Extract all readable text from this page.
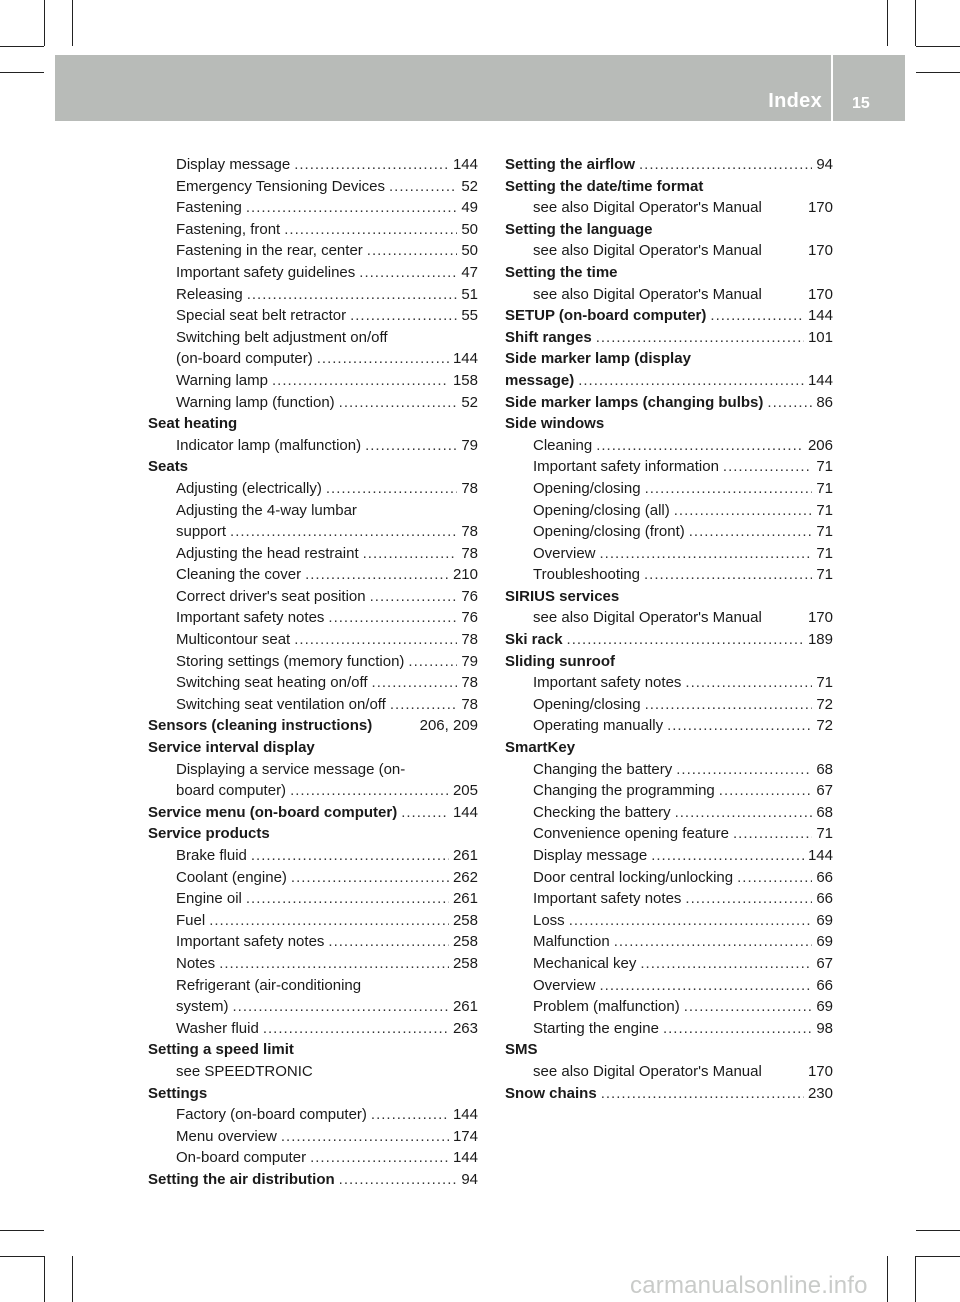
Index 15
Display message .....	144
Emergency Tensioning Devices .....	52
Fastening .....	49
Fastening, front .....	50
Fastening in the rear, center .....	50
Important safety guidelines .....	47
Releasing .....	51
Special seat belt retractor .....	55
Switching belt adjustment on/off
(on-board computer) .....	144
Warning lamp .....	158
Warning lamp (function) .....	52
Seat heating
Indicator lamp (malfunction) .....	79
Seats
Adjusting (electrically) .....	78
Adjusting the 4-way lumbar
support .....	78
Adjusting the head restraint .....	78
Cleaning the cover .....	210
Correct driver's seat position .....	76
Important safety notes .....	76
Multicontour seat .....	78
Storing settings (memory function) .....	79
Switching seat heating on/off .....	78
Switching seat ventilation on/off .....	78
Sensors (cleaning instructions)	206, 209
Service interval display
Displaying a service message (on-
board computer) .....	205
Service menu (on-board computer) .....	144
Service products
Brake fluid .....	261
Coolant (engine) .....	262
Engine oil .....	261
Fuel .....	258
Important safety notes .....	258
Notes .....	258
Refrigerant (air-conditioning
system) .....	261
Washer fluid .....	263
Setting a speed limit
see SPEEDTRONIC
Settings
Factory (on-board computer) .....	144
Menu overview .....	174
On-board computer .....	144
Setting the air distribution .....	94
Setting the airflow .....	94
Setting the date/time format
see also Digital Operator's Manual	170
Setting the language
see also Digital Operator's Manual	170
Setting the time
see also Digital Operator's Manual	170
SETUP (on-board computer) .....	144
Shift ranges .....	101
Side marker lamp (display
message) .....	144
Side marker lamps (changing bulbs) .....	86
Side windows
Cleaning .....	206
Important safety information .....	71
Opening/closing .....	71
Opening/closing (all) .....	71
Opening/closing (front) .....	71
Overview .....	71
Troubleshooting .....	71
SIRIUS services
see also Digital Operator's Manual	170
Ski rack .....	189
Sliding sunroof
Important safety notes .....	71
Opening/closing .....	72
Operating manually .....	72
SmartKey
Changing the battery .....	68
Changing the programming .....	67
Checking the battery .....	68
Convenience opening feature .....	71
Display message .....	144
Door central locking/unlocking .....	66
Important safety notes .....	66
Loss .....	69
Malfunction .....	69
Mechanical key .....	67
Overview .....	66
Problem (malfunction) .....	69
Starting the engine .....	98
SMS
see also Digital Operator's Manual	170
Snow chains .....	230
carmanualsonline.info
